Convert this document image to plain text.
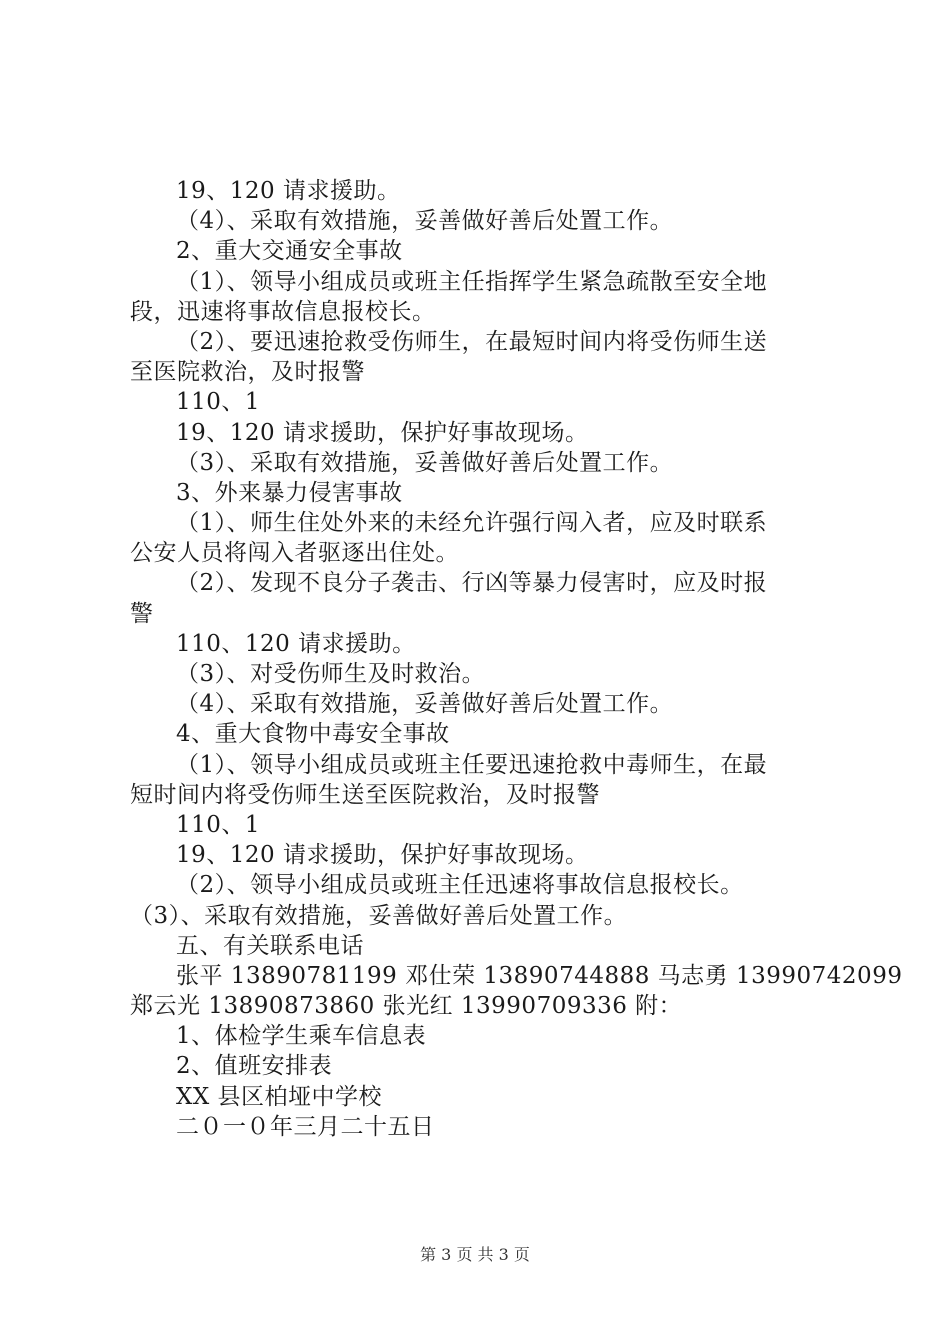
19、120 请求援助。
（4）、采取有效措施，妥善做好善后处置工作。
2、重大交通安全事故
（1）、领导小组成员或班主任指挥学生紧急疏散至安全地
段，迅速将事故信息报校长。
（2）、要迅速抢救受伤师生，在最短时间内将受伤师生送
至医院救治，及时报警
110、1
19、120 请求援助，保护好事故现场。
（3）、采取有效措施，妥善做好善后处置工作。
3、外来暴力侵害事故
（1）、师生住处外来的未经允许强行闯入者，应及时联系
公安人员将闯入者驱逐出住处。
（2）、发现不良分子袭击、行凶等暴力侵害时，应及时报
警
110、120 请求援助。
（3）、对受伤师生及时救治。
（4）、采取有效措施，妥善做好善后处置工作。
4、重大食物中毒安全事故
（1）、领导小组成员或班主任要迅速抢救中毒师生，在最
短时间内将受伤师生送至医院救治，及时报警
110、1
19、120 请求援助，保护好事故现场。
（2）、领导小组成员或班主任迅速将事故信息报校长。
（3）、采取有效措施，妥善做好善后处置工作。
五、有关联系电话
张平 13890781199 邓仕荣 13890744888 马志勇 13990742099
郑云光 13890873860 张光红 13990709336 附：
1、体检学生乘车信息表
2、值班安排表
XX 县区柏垭中学校
二０一０年三月二十五日
第 3 页 共 3 页
